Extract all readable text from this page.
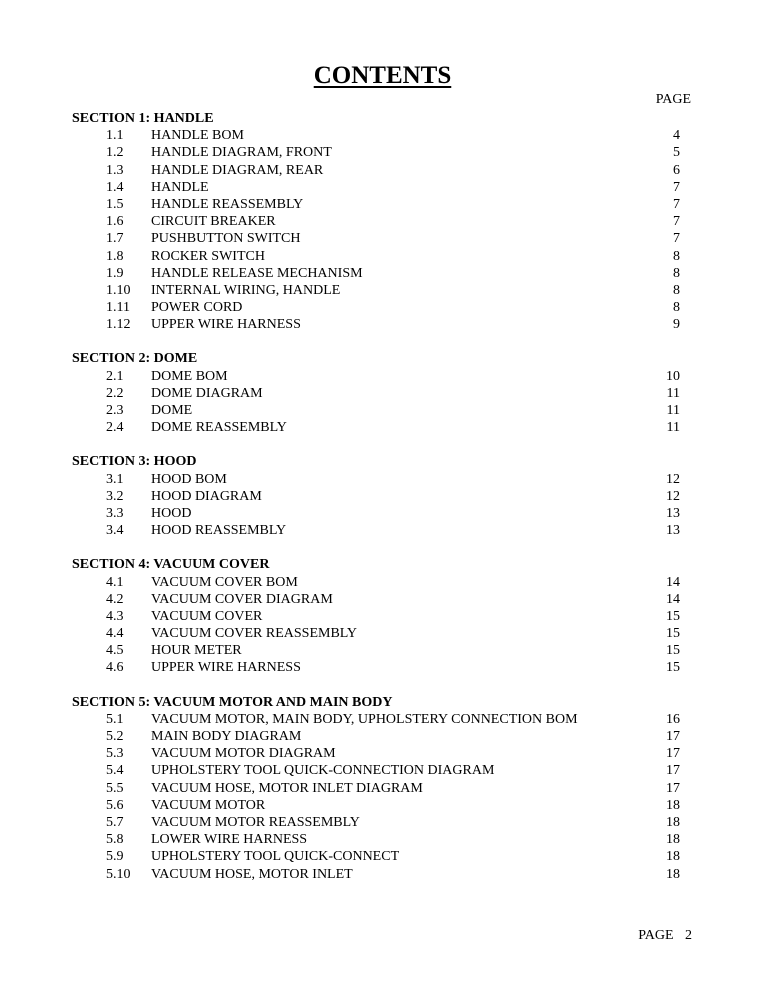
CONTENTS
PAGE
SECTION 1: HANDLE
1.1 HANDLE BOM	4
1.2 HANDLE DIAGRAM, FRONT	5
1.3 HANDLE DIAGRAM, REAR	6
1.4 HANDLE	7
1.5 HANDLE REASSEMBLY	7
1.6 CIRCUIT BREAKER	7
1.7 PUSHBUTTON SWITCH	7
1.8 ROCKER SWITCH	8
1.9 HANDLE RELEASE MECHANISM	8
1.10 INTERNAL WIRING, HANDLE	8
1.11 POWER CORD	8
1.12 UPPER WIRE HARNESS	9
SECTION 2: DOME
2.1 DOME BOM	10
2.2 DOME DIAGRAM	11
2.3 DOME	11
2.4 DOME REASSEMBLY	11
SECTION 3: HOOD
3.1 HOOD BOM	12
3.2 HOOD DIAGRAM	12
3.3 HOOD	13
3.4 HOOD REASSEMBLY	13
SECTION 4: VACUUM COVER
4.1 VACUUM COVER BOM	14
4.2 VACUUM COVER DIAGRAM	14
4.3 VACUUM COVER	15
4.4 VACUUM COVER REASSEMBLY	15
4.5 HOUR METER	15
4.6 UPPER WIRE HARNESS	15
SECTION 5: VACUUM MOTOR AND MAIN BODY
5.1 VACUUM MOTOR, MAIN BODY, UPHOLSTERY CONNECTION BOM	16
5.2 MAIN BODY DIAGRAM	17
5.3 VACUUM MOTOR DIAGRAM	17
5.4 UPHOLSTERY TOOL QUICK-CONNECTION DIAGRAM	17
5.5 VACUUM HOSE, MOTOR INLET DIAGRAM	17
5.6 VACUUM MOTOR	18
5.7 VACUUM MOTOR REASSEMBLY	18
5.8 LOWER WIRE HARNESS	18
5.9 UPHOLSTERY TOOL QUICK-CONNECT	18
5.10 VACUUM HOSE, MOTOR INLET	18
PAGE 2
